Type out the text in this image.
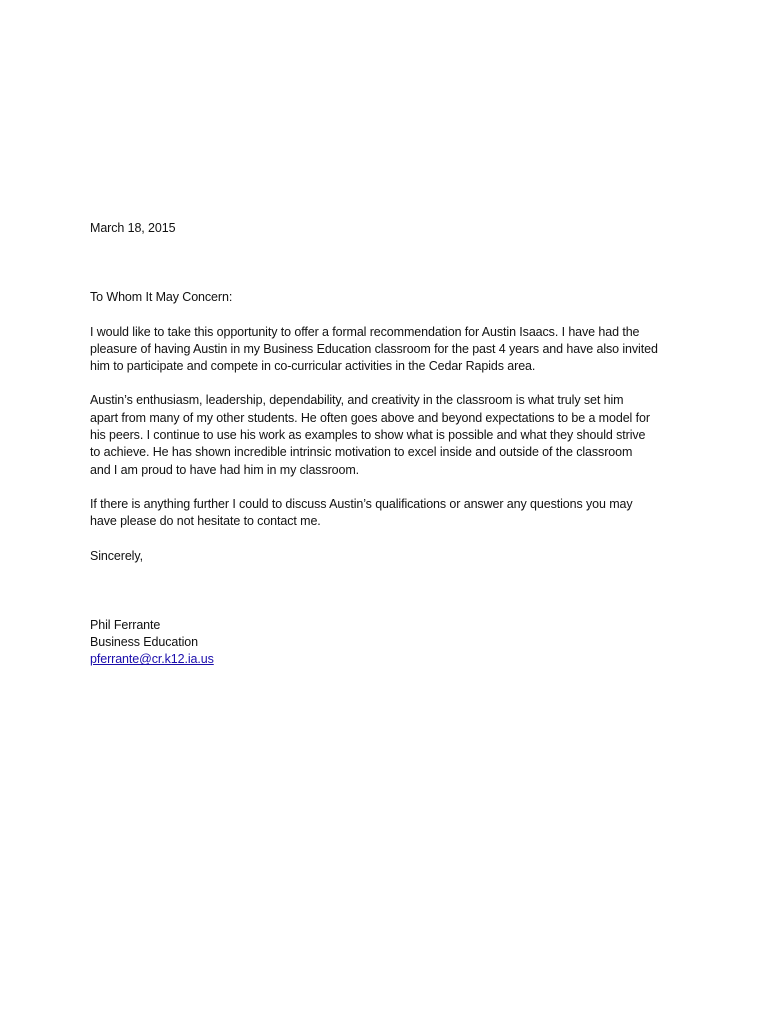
March 18, 2015

To Whom It May Concern:

I would like to take this opportunity to offer a formal recommendation for Austin Isaacs. I have had the
pleasure of having Austin in my Business Education classroom for the past 4 years and have also invited
him to participate and compete in co-curricular activities in the Cedar Rapids area.

Austin’s enthusiasm, leadership, dependability, and creativity in the classroom is what truly set him
apart from many of my other students. He often goes above and beyond expectations to be a model for
his peers. I continue to use his work as examples to show what is possible and what they should strive
to achieve. He has shown incredible intrinsic motivation to excel inside and outside of the classroom
and I am proud to have had him in my classroom.

If there is anything further I could to discuss Austin’s qualifications or answer any questions you may
have please do not hesitate to contact me.

Sincerely,

Phil Ferrante
Business Education
pferrante@cr.k12.ia.us
